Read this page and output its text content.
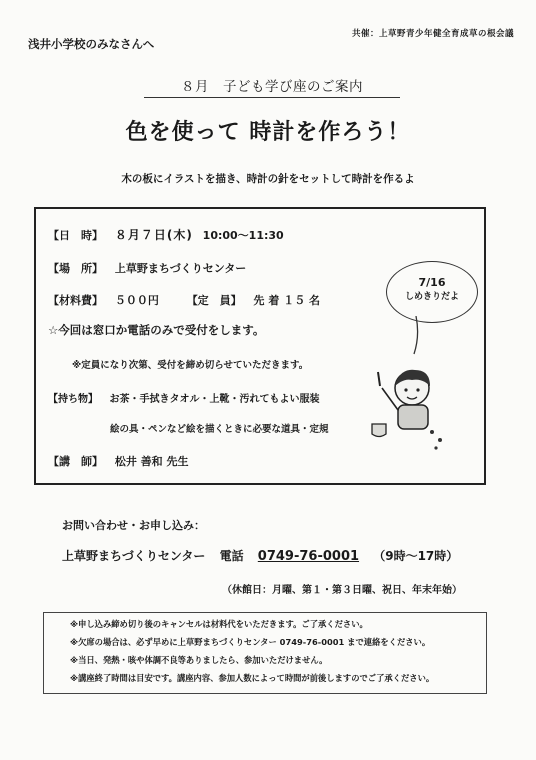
浅井小学校のみなさんへ
共催：上草野青少年健全育成草の根会議
８月　子ども学び座のご案内
色を使って 時計を作ろう！
木の板にイラストを描き、時計の針をセットして時計を作るよ
【日　時】 ８月７日(木) 10:00～11:30
【場　所】 上草野まちづくりセンター
【材料費】 ５００円	【定　員】 先 着 １５ 名
☆今回は窓口か電話のみで受付をします。
※定員になり次第、受付を締め切らせていただきます。
【持ち物】 お茶・手拭きタオル・上靴・汚れてもよい服装
絵の具・ペンなど絵を描くときに必要な道具・定規
【講　師】 松井 善和 先生
7/16
しめきりだよ
お問い合わせ・お申し込み：
上草野まちづくりセンター 電話 0749-76-0001 （9時～17時）
（休館日：月曜、第１・第３日曜、祝日、年末年始）
※申し込み締め切り後のキャンセルは材料代をいただきます。ご了承ください。
※欠席の場合は、必ず早めに上草野まちづくりセンター 0749-76-0001 まで連絡をください。
※当日、発熱・咳や体調不良等ありましたら、参加いただけません。
※講座終了時間は目安です。講座内容、参加人数によって時間が前後しますのでご了承ください。
